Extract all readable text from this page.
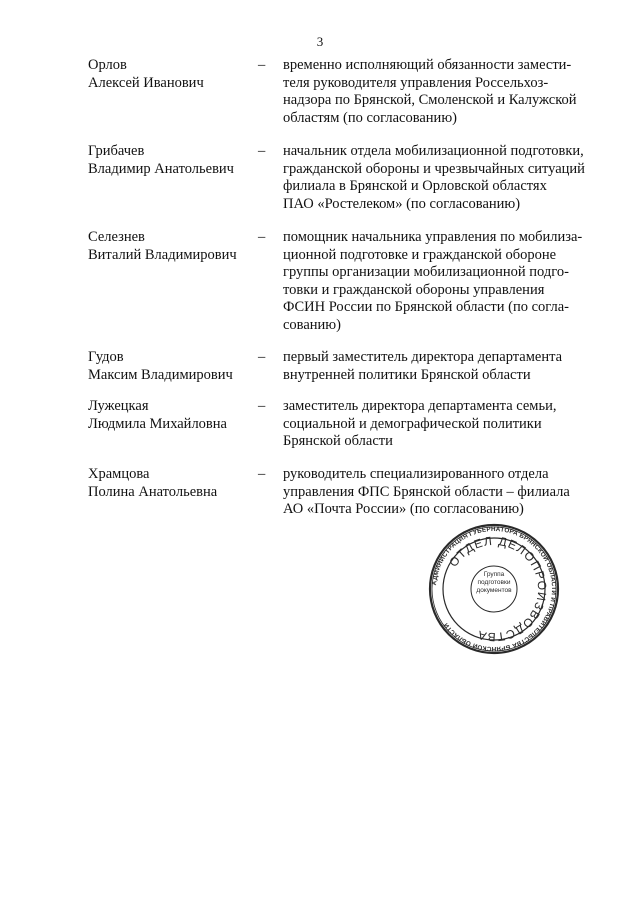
3
Орлов
Алексей Иванович
– временно исполняющий обязанности замести-
теля руководителя управления Россельхоз-
надзора по Брянской, Смоленской и Калужской
областям (по согласованию)
Грибачев
Владимир Анатольевич
– начальник отдела мобилизационной подготовки,
гражданской обороны и чрезвычайных ситуаций
филиала в Брянской и Орловской областях
ПАО «Ростелеком» (по согласованию)
Селезнев
Виталий Владимирович
– помощник начальника управления по мобилиза-
ционной подготовке и гражданской обороне
группы организации мобилизационной подго-
товки и гражданской обороны управления
ФСИН России по Брянской области (по согла-
сованию)
Гудов
Максим Владимирович
– первый заместитель директора департамента
внутренней политики Брянской области
Лужецкая
Людмила Михайловна
– заместитель директора департамента семьи,
социальной и демографической политики
Брянской области
Храмцова
Полина Анатольевна
– руководитель специализированного отдела
управления ФПС Брянской области – филиала
АО «Почта России» (по согласованию)
АДМИНИСТРАЦИЯ ГУБЕРНАТОРА БРЯНСКОЙ ОБЛАСТИ И ПРАВИТЕЛЬСТВА БРЯНСКОЙ ОБЛАСТИ
ОТДЕЛ ДЕЛОПРОИЗВОДСТВА
Группа
подготовки
документов
